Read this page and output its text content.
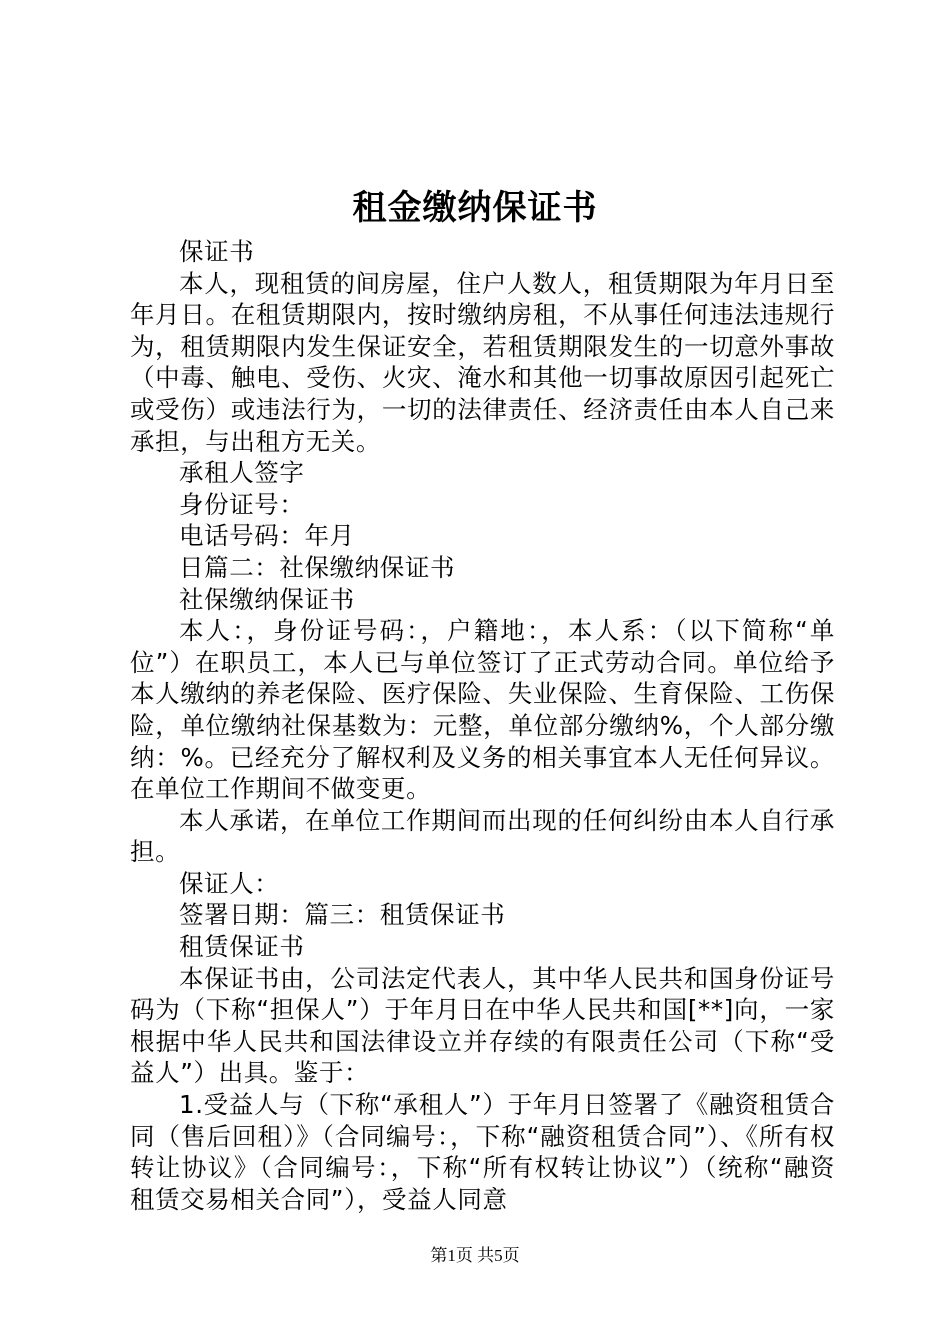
租金缴纳保证书

保证书

本人，现租赁的间房屋，住户人数人，租赁期限为年月日至年月日。在租赁期限内，按时缴纳房租，不从事任何违法违规行为，租赁期限内发生保证安全，若租赁期限发生的一切意外事故（中毒、触电、受伤、火灾、淹水和其他一切事故原因引起死亡或受伤）或违法行为，一切的法律责任、经济责任由本人自己来承担，与出租方无关。

承租人签字

身份证号：

电话号码：年月

日篇二：社保缴纳保证书

社保缴纳保证书

本人：，身份证号码：，户籍地：，本人系：（以下简称“单位”）在职员工，本人已与单位签订了正式劳动合同。单位给予本人缴纳的养老保险、医疗保险、失业保险、生育保险、工伤保险，单位缴纳社保基数为：元整，单位部分缴纳%，个人部分缴纳：%。已经充分了解权利及义务的相关事宜本人无任何异议。在单位工作期间不做变更。

本人承诺，在单位工作期间而出现的任何纠纷由本人自行承担。

保证人：

签署日期：篇三：租赁保证书

租赁保证书

本保证书由，公司法定代表人，其中华人民共和国身份证号码为（下称“担保人”）于年月日在中华人民共和国[**]向，一家根据中华人民共和国法律设立并存续的有限责任公司（下称“受益人”）出具。鉴于：

1.受益人与（下称“承租人”）于年月日签署了《融资租赁合同（售后回租）》（合同编号：，下称“融资租赁合同”）、《所有权转让协议》（合同编号：，下称“所有权转让协议”）（统称“融资租赁交易相关合同”），受益人同意

第1页 共5页
